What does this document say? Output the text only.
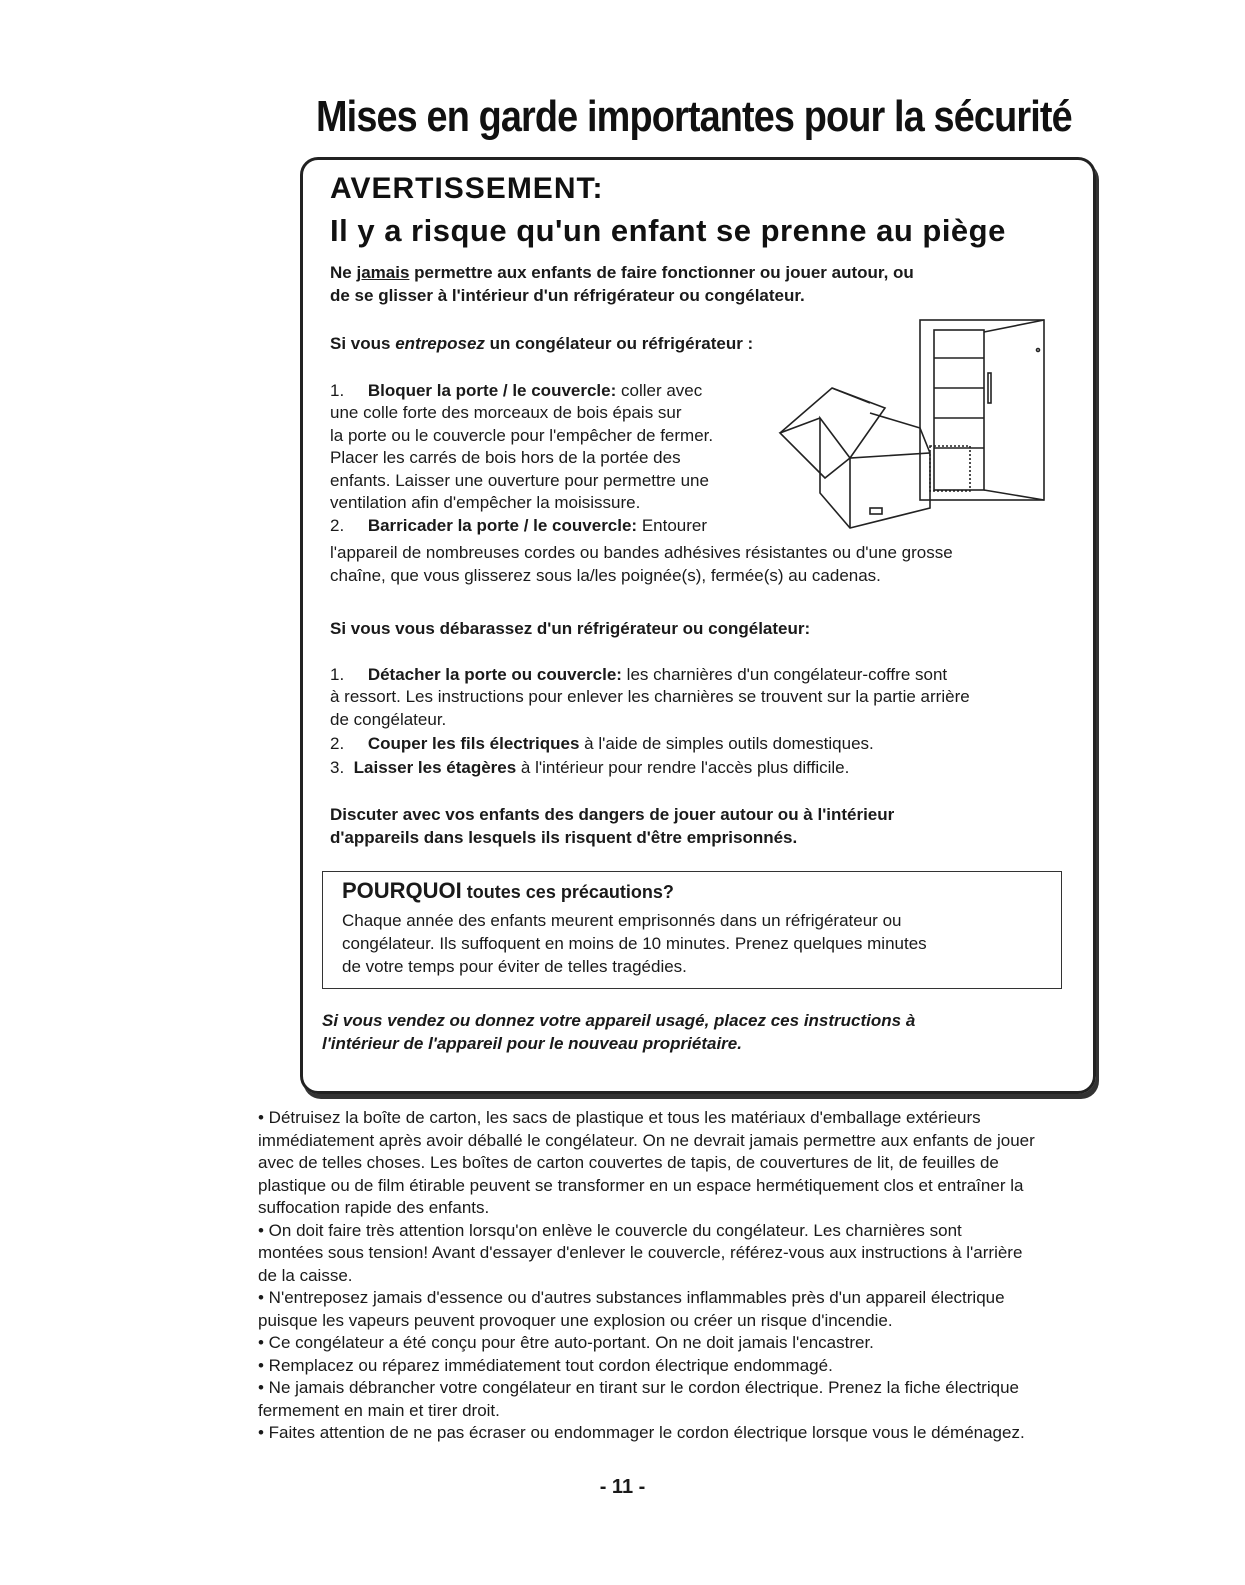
Mises en garde importantes pour la sécurité
AVERTISSEMENT:
Il y a risque qu'un enfant se prenne au piège
Ne jamais permettre aux enfants de faire fonctionner ou jouer autour, ou
de se glisser à l'intérieur d'un réfrigérateur ou congélateur.
Si vous entreposez un congélateur ou réfrigérateur :
1. Bloquer la porte / le couvercle: coller avec
une colle forte des morceaux de bois épais sur
la porte ou le couvercle pour l'empêcher de fermer.
Placer les carrés de bois hors de la portée des
enfants. Laisser une ouverture pour permettre une
ventilation afin d'empêcher la moisissure.
2. Barricader la porte / le couvercle: Entourer
l'appareil de nombreuses cordes ou bandes adhésives résistantes ou d'une grosse
chaîne, que vous glisserez sous la/les poignée(s), fermée(s) au cadenas.
Si vous vous débarassez d'un réfrigérateur ou congélateur:
1. Détacher la porte ou couvercle: les charnières d'un congélateur-coffre sont
à ressort. Les instructions pour enlever les charnières se trouvent sur la partie arrière
de congélateur.
2. Couper les fils électriques à l'aide de simples outils domestiques.
3. Laisser les étagères à l'intérieur pour rendre l'accès plus difficile.
Discuter avec vos enfants des dangers de jouer autour ou à l'intérieur
d'appareils dans lesquels ils risquent d'être emprisonnés.
POURQUOI toutes ces précautions?
Chaque année des enfants meurent emprisonnés dans un réfrigérateur ou
congélateur. Ils suffoquent en moins de 10 minutes. Prenez quelques minutes
de votre temps pour éviter de telles tragédies.
Si vous vendez ou donnez votre appareil usagé, placez ces instructions à
l'intérieur de l'appareil pour le nouveau propriétaire.
• Détruisez la boîte de carton, les sacs de plastique et tous les matériaux d'emballage extérieurs
immédiatement après avoir déballé le congélateur. On ne devrait jamais permettre aux enfants de jouer
avec de telles choses. Les boîtes de carton couvertes de tapis, de couvertures de lit, de feuilles de
plastique ou de film étirable peuvent se transformer en un espace hermétiquement clos et entraîner la
suffocation rapide des enfants.
• On doit faire très attention lorsqu'on enlève le couvercle du congélateur. Les charnières sont
montées sous tension! Avant d'essayer d'enlever le couvercle, référez-vous aux instructions à l'arrière
de la caisse.
• N'entreposez jamais d'essence ou d'autres substances inflammables près d'un appareil électrique
puisque les vapeurs peuvent provoquer une explosion ou créer un risque d'incendie.
• Ce congélateur a été conçu pour être auto-portant. On ne doit jamais l'encastrer.
• Remplacez ou réparez immédiatement tout cordon électrique endommagé.
• Ne jamais débrancher votre congélateur en tirant sur le cordon électrique. Prenez la fiche électrique
fermement en main et tirer droit.
• Faites attention de ne pas écraser ou endommager le cordon électrique lorsque vous le déménagez.
- 11 -
